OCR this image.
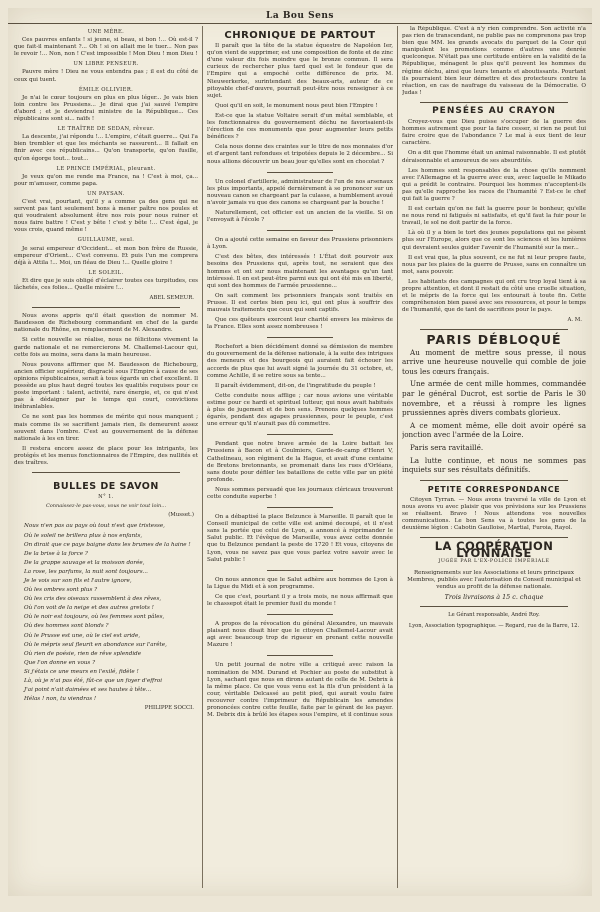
La Bou Sens
UNE MÈRE.

Ces pauvres enfants ! si jeune, si beau, si bon !... Où est-il ? que fait-il maintenant ?... Oh ! si on allait me le tuer... Non pas le revoir !... Non, non ! C'est impossible ! Mon Dieu ! mon Dieu !

UN LIBRE PENSEUR.

Pauvre mère ! Dieu ne vous entendra pas ; il est du côté de ceux qui tuent.

ÉMILE OLLIVIER.

Je n'ai le cœur toujours en plus en plus léger... Je vais bien loin contre les Prussiens... Je dirai que j'ai sauvé l'empire d'abord ; et je deviendrai ministre de la République... Ces républicains sont si... naïfs !

LE TRAÎTRE DE SEDAN, rêveur.

La descente, j'ai répondu !... L'empire, c'était guerre... Qui l'a bien trembler et que les méchants se rassurent... Il fallait en finir avec ces républicains... Qu'on transporte, qu'on fusille, qu'on égorge tout... tout...

LE PRINCE IMPÉRIAL, pleurant.

Je veux qu'on me rende ma France, na ! C'est à moi, ça... pour m'amuser, comme papa.

UN PAYSAN.

C'est vrai, pourtant, qu'il y a comme ça des gens qui ne servent pas tant seulement bons à mener paître nos poules et qui voudraient absolument être nos rois pour nous ruiner et nous faire battre ! C'est y bête ! c'est y bête !... C'est égal, je vous crois, quand même !

GUILLAUME, seul.

Je serai empereur d'Occident... et mon bon frère de Russie, empereur d'Orient... C'est convenu. Et puis l'un me comprera déjà à Attila !... Moi, un fléau de Dieu !... Quelle gloire !

LE SOLEIL.

Et dire que je suis obligé d'éclairer toutes ces turpitudes, ces lâchetés, ces folies... Quelle misère !...

ABEL SEMEUR.

Nous avons appris qu'il était question de nommer M. Baudesson de Richebourg commandant en chef de la garde nationale du Rhône, en remplacement de M. Alexandre.

Si cette nouvelle se réalise, nous ne félicitons vivement la garde nationale et ne remercierons M. Challemel-Lacour qui, cette fois au moins, sera dans la main heureuse.

Nous pouvons affirmer que M. Baudesson de Richebourg, ancien officier supérieur, disgracié sous l'Empire à cause de ses opinions républicaines, serait à tous égards un chef excellent. Il possède au plus haut degré toutes les qualités requises pour ce poste important : talent, activité, rare énergie, et, ce qui n'est pas à dédaigner par le temps qui court, convictions inébranlables.

Ce ne sont pas les hommes de mérite qui nous manquent ; mais comme ils se sacrifient jamais rien, ils demeurent assez souvent dans l'ombre. C'est au gouvernement de la défense nationale à les en tirer.

Il restera encore assez de place pour les intrigants, les protégés et les menus fonctionnaires de l'Empire, des nullités et des traîtres.

BULLES DE SAVON
N° 1.
Connaissez-le pas-vous, vous ne voir tout loin...
(Musset.)

Nous n'en pas au pays où tout n'est que tristesse,

Où le soleil ne brillera plus à nos enfants,

On dirait que ce pays baigne dans les brumes de la haine !

De la brise à la force ?

De la grappe sauvage et la moisson dorée,

La rose, les parfums, la nuit sont toujours...

Je le vois sur son fils et l'autre ignore,

Où les ombres sont plus ?

Où les cris des oiseaux rassemblent à des rêves,

Où l'on voit de la neige et des autres grelots !

Où le noir est toujours, où les femmes sont pâles,

Où des hommes sont blonds ?

Où le Prusse est une, où le ciel est aride,

Où le mépris seul fleurit en abondance sur l'arête,

Où rien de poésie, rien de rêve splendide

Que l'on donne en vous ?

Si j'étais ce une meurs en l'exilé, fidèle !

Là, où je n'ai pas été, fût-ce que un foyer d'effroi

J'ai point n'ait daimées et ses hautes à tête...

Hélas ! non, tu viendras !

PHILIPPE SOCCI.
CHRONIQUE DE PARTOUT

Il paraît que la tête de la statue équestre de Napoléon Ier, qu'on vient de supprimer, est une composition de fonte et de zinc d'une valeur dix fois moindre que le bronze commun. Il sera curieux de rechercher plus tard quel est le fondeur que de l'Empire qui a empoché cette différence de prix. M. Nieuwerkerke, surintendant des beaux-arts, auteur de ce pitoyable chef-d'œuvre, pourrait peut-être nous renseigner à ce sujet.

Quoi qu'il en soit, le monument nous peut bien l'Empire !

Est-ce que la statue Voltaire serait d'un métal semblable, et les fonctionnaires du gouvernement déchu ne favorisaient-ils l'érection de ces monuments que pour augmenter leurs petits bénéfices ?

Cela nous donne des craintes sur le titre de nos monnaies d'or et d'argent tant refondues et tripotées depuis le 2 décembre... Si nous allions découvrir un beau jour qu'elles sont en chocolat ?

Un colonel d'artillerie, administrateur de l'un de nos arsenaux les plus importants, appelé dernièrement à se prononcer sur un nouveau canon se chargeant par la culasse, a humblement avoué n'avoir jamais vu que des canons se chargeant par la bouche !

Naturellement, cet officier est un ancien de la vieille. Si on l'envoyait à l'école ?

On a ajouté cette semaine en faveur des Prussiens prisonniers à Lyon.

C'est des bêtes, des intéressés ! L'État doit pourvoir aux besoins des Prussiens qui, après tout, ne seraient que des hommes et ont sur nous maintenant les avantages qu'un tant intéressé. Il en est peut-être parmi eux qui ont été mis en liberté, qui sont des hommes de l'armée prussienne...

On sait comment les prisonniers français sont traités en Prusse. Il est certes bien peu ici, qui ont plus à souffrir des mauvais traitements que ceux qui sont captifs.

Que ces quêteurs exercent leur charité envers les misères de la France. Elles sont assez nombreuses !

Rochefort a bien décidément donné sa démission de membre du gouvernement de la défense nationale, à la suite des intrigues des meneurs et des bourgeois qui auraient fait échouer les accords de plus que lui avait signé la journée du 31 octobre, et, comme Achille, il se retire sous sa tente...

Il paraît évidemment, dit-on, de l'ingratitude du peuple !

Cette conduite nous afflige ; car nous avions une véritable estime pour ce hardi et spirituel lutteur, qui nous avait habitués à plus de jugement et de bon sens. Prenons quelques hommes égarés, pendant des agapes prussiennes, pour le peuple, c'est une erreur qu'il n'aurait pas dû commettre.

Pendant que notre brave armée de la Loire battait les Prussiens à Bacon et à Coulmiers, Garde-de-camp d'Henri V, Cathelineau, son régiment de la Hague, et avait d'une centaine de Bretons bretonnants, se promenait dans les rues d'Orléans, sans doute pour défiler les bataillons de cette ville par un piété profonde.

Nous sommes persuadé que les journaux cléricaux trouveront cette conduite superbe !

On a débaptisé la place Belzunce à Marseille. Il paraît que le Conseil municipal de cette ville est animé decoupé, et il n'est sans la portée que celui de Lyon, a annoncé à réprimander le Salut public. Et l'évêque de Marseille, vous avez cette donnée que tu Belzunce pendant la peste de 1720 ! Et vous, citoyens de Lyon, vous ne savez pas que vous parlez votre savoir avec le Salut public !

On nous annonce que le Salut adhère aux hommes de Lyon à la Ligue du Midi et à son programme.

Ce que c'est, pourtant il y a trois mois, ne nous affirmait que le chassepot était le premier fusil du monde !

A propos de la révocation du général Alexandre, un mauvais plaisant nous disait hier que le citoyen Challemel-Lacour avait agi avec beaucoup trop de rigueur en prenant cette nouvelle Mazure !

Un petit journal de notre ville a critiqué avec raison la nomination de MM. Durand et Pochier au poste de substitut à Lyon, sachant que nous en dirons autant de celle de M. Debrix à la même place. Ce que vous venu est la fils d'un président à la cour, véritable Delcassé au petit pied, qui aurait voulu faire recouvrer contre l'imprimeur du Républicain les amendes prononcées contre cette feuille, faite par le gérant de les payer. M. Debrix dix à brûlé les étapes sous l'empire, et il continue sous

la République. C'est à n'y rien comprendre. Son activité n'a pas rien de transcendant, ne publie pas ne comprenons pas trop bien que MM. les grands avocats du parquet de la Cour qui manipulent les promotions comme d'autres une denrée quelconque. N'était pas une certitude entière en la validité de la République, ménagent le plus qu'il peuvent les hommes du régime déchu, ainsi que leurs tenants et aboutissants. Pourtant ils pourraient bien leur démettre et des protecteurs contre la réaction, en cas de naufrage du vaisseau de la Démocratie. O Judas !

PENSÉES AU CRAYON

Croyez-vous que Dieu puisse s'occuper de la guerre des hommes autrement que pour la faire cesser, si rien ne peut lui faire croire que de l'abondance ? Le mal à eux tient de leur caractère.

On a dit que l'homme était un animal raisonnable. Il est plutôt déraisonnable et amoureux de ses absurdités.

Les hommes sont responsables de la chose qu'ils nomment avec l'Allemagne et la guerre avec eux, avec laquelle le Mikado qui a prédit le contraire. Pourquoi les hommes n'acceptent-ils pas qu'elle rapproche les races de l'humanité ? Est-ce le chef qui fait la guerre ?

Il est certain qu'on ne fait la guerre pour le bonheur, qu'elle ne nous rend ni fatigués ni satisfaits, et qu'il faut la fuir pour le travail, le sol ne doit partir de la force.

Là où il y a bien le tort des jeunes populations qui ne pèsent plus sur l'Europe, alors que ce sont les sciences et les lumières qui devraient seules guider l'avenir de l'humanité sur la mer...

Il est vrai que, la plus souvent, ce ne fut ni leur propre faute, nous par les plaies de la guerre de Prusse, sans en connaître un mot, sans pouvoir.

Les habitants des campagnes qui ont cru trop loyal tient à sa propre attention, et dont il restait du côté une cruelle situation, et le mépris de la force qui les entourait à toute fin. Cette compréhension bien passé avec ses ressources, et pour le temps de l'humanité, que de tant de sacrifices pour le pays.

A. M.
PARIS DÉBLOQUÉ

Au moment de mettre sous presse, il nous arrive une heureuse nouvelle qui comble de joie tous les cœurs français.

Une armée de cent mille hommes, commandée par le général Ducrot, est sortie de Paris le 30 novembre, et a réussi à rompre les lignes prussiennes après divers combats glorieux.

A ce moment même, elle doit avoir opéré sa jonction avec l'armée de la Loire.

Paris sera ravitaillé.

La lutte continue, et nous ne sommes pas inquiets sur ses résultats définitifs.

PETITE CORRESPONDANCE

Citoyen Tyrran. — Nous avons traversé la ville de Lyon et nous avons vu avec plaisir que vos prévisions sur les Prussiens se réalisent. Bravo ! Nous attendons vos nouvelles communications. Le bon Sens va à toutes les gens de la deuxième légion : Cabotin Gaulloise, Martial, Furoia, Rayol.

LA COOPÉRATION LYONNAISE
JUGÉE PAR L'EX-POLICE IMPÉRIALE

Renseignements sur les Associations et leurs principaux Membres, publiés avec l'autorisation du Conseil municipal et vendus au profit de la défense nationale.

Trois livraisons à 15 c. chaque

Le Gérant responsable, André Roy.

Lyon, Association typographique. — Regard, rue de la Barre, 12.
